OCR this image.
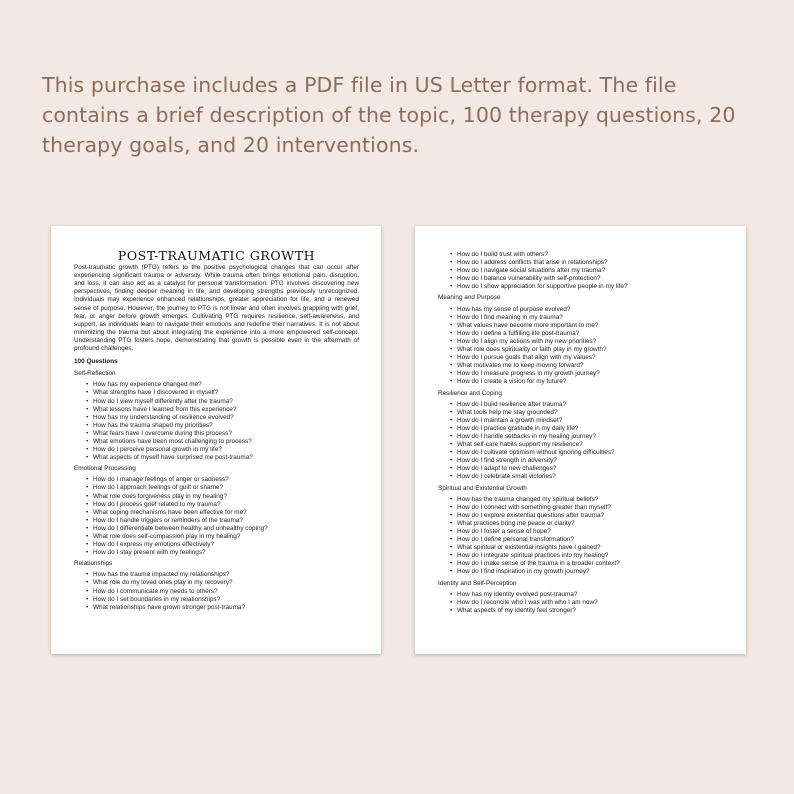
This purchase includes a PDF file in US Letter format. The file contains a brief description of the topic, 100 therapy questions, 20 therapy goals, and 20 interventions.
POST-TRAUMATIC GROWTH
Post-traumatic growth (PTG) refers to the positive psychological changes that can occur after experiencing significant trauma or adversity. While trauma often brings emotional pain, disruption, and loss, it can also act as a catalyst for personal transformation. PTG involves discovering new perspectives, finding deeper meaning in life, and developing strengths previously unrecognized. Individuals may experience enhanced relationships, greater appreciation for life, and a renewed sense of purpose. However, the journey to PTG is not linear and often involves grappling with grief, fear, or anger before growth emerges. Cultivating PTG requires resilience, self-awareness, and support, as individuals learn to navigate their emotions and redefine their narratives. It is not about minimizing the trauma but about integrating the experience into a more empowered self-concept. Understanding PTG fosters hope, demonstrating that growth is possible even in the aftermath of profound challenges.
100 Questions
Self-Reflection
• How has my experience changed me?
• What strengths have I discovered in myself?
• How do I view myself differently after the trauma?
• What lessons have I learned from this experience?
• How has my understanding of resilience evolved?
• How has the trauma shaped my priorities?
• What fears have I overcome during this process?
• What emotions have been most challenging to process?
• How do I perceive personal growth in my life?
• What aspects of myself have surprised me post-trauma?
Emotional Processing
• How do I manage feelings of anger or sadness?
• How do I approach feelings of guilt or shame?
• What role does forgiveness play in my healing?
• How do I process grief related to my trauma?
• What coping mechanisms have been effective for me?
• How do I handle triggers or reminders of the trauma?
• How do I differentiate between healthy and unhealthy coping?
• What role does self-compassion play in my healing?
• How do I express my emotions effectively?
• How do I stay present with my feelings?
Relationships
• How has the trauma impacted my relationships?
• What role do my loved ones play in my recovery?
• How do I communicate my needs to others?
• How do I set boundaries in my relationships?
• What relationships have grown stronger post-trauma?
• How do I build trust with others?
• How do I address conflicts that arise in relationships?
• How do I navigate social situations after my trauma?
• How do I balance vulnerability with self-protection?
• How do I show appreciation for supportive people in my life?
Meaning and Purpose
• How has my sense of purpose evolved?
• How do I find meaning in my trauma?
• What values have become more important to me?
• How do I define a fulfilling life post-trauma?
• How do I align my actions with my new priorities?
• What role does spirituality or faith play in my growth?
• How do I pursue goals that align with my values?
• What motivates me to keep moving forward?
• How do I measure progress in my growth journey?
• How do I create a vision for my future?
Resilience and Coping
• How do I build resilience after trauma?
• What tools help me stay grounded?
• How do I maintain a growth mindset?
• How do I practice gratitude in my daily life?
• How do I handle setbacks in my healing journey?
• What self-care habits support my resilience?
• How do I cultivate optimism without ignoring difficulties?
• How do I find strength in adversity?
• How do I adapt to new challenges?
• How do I celebrate small victories?
Spiritual and Existential Growth
• How has the trauma changed my spiritual beliefs?
• How do I connect with something greater than myself?
• How do I explore existential questions after trauma?
• What practices bring me peace or clarity?
• How do I foster a sense of hope?
• How do I define personal transformation?
• What spiritual or existential insights have I gained?
• How do I integrate spiritual practices into my healing?
• How do I make sense of the trauma in a broader context?
• How do I find inspiration in my growth journey?
Identity and Self-Perception
• How has my identity evolved post-trauma?
• How do I reconcile who I was with who I am now?
• What aspects of my identity feel stronger?
